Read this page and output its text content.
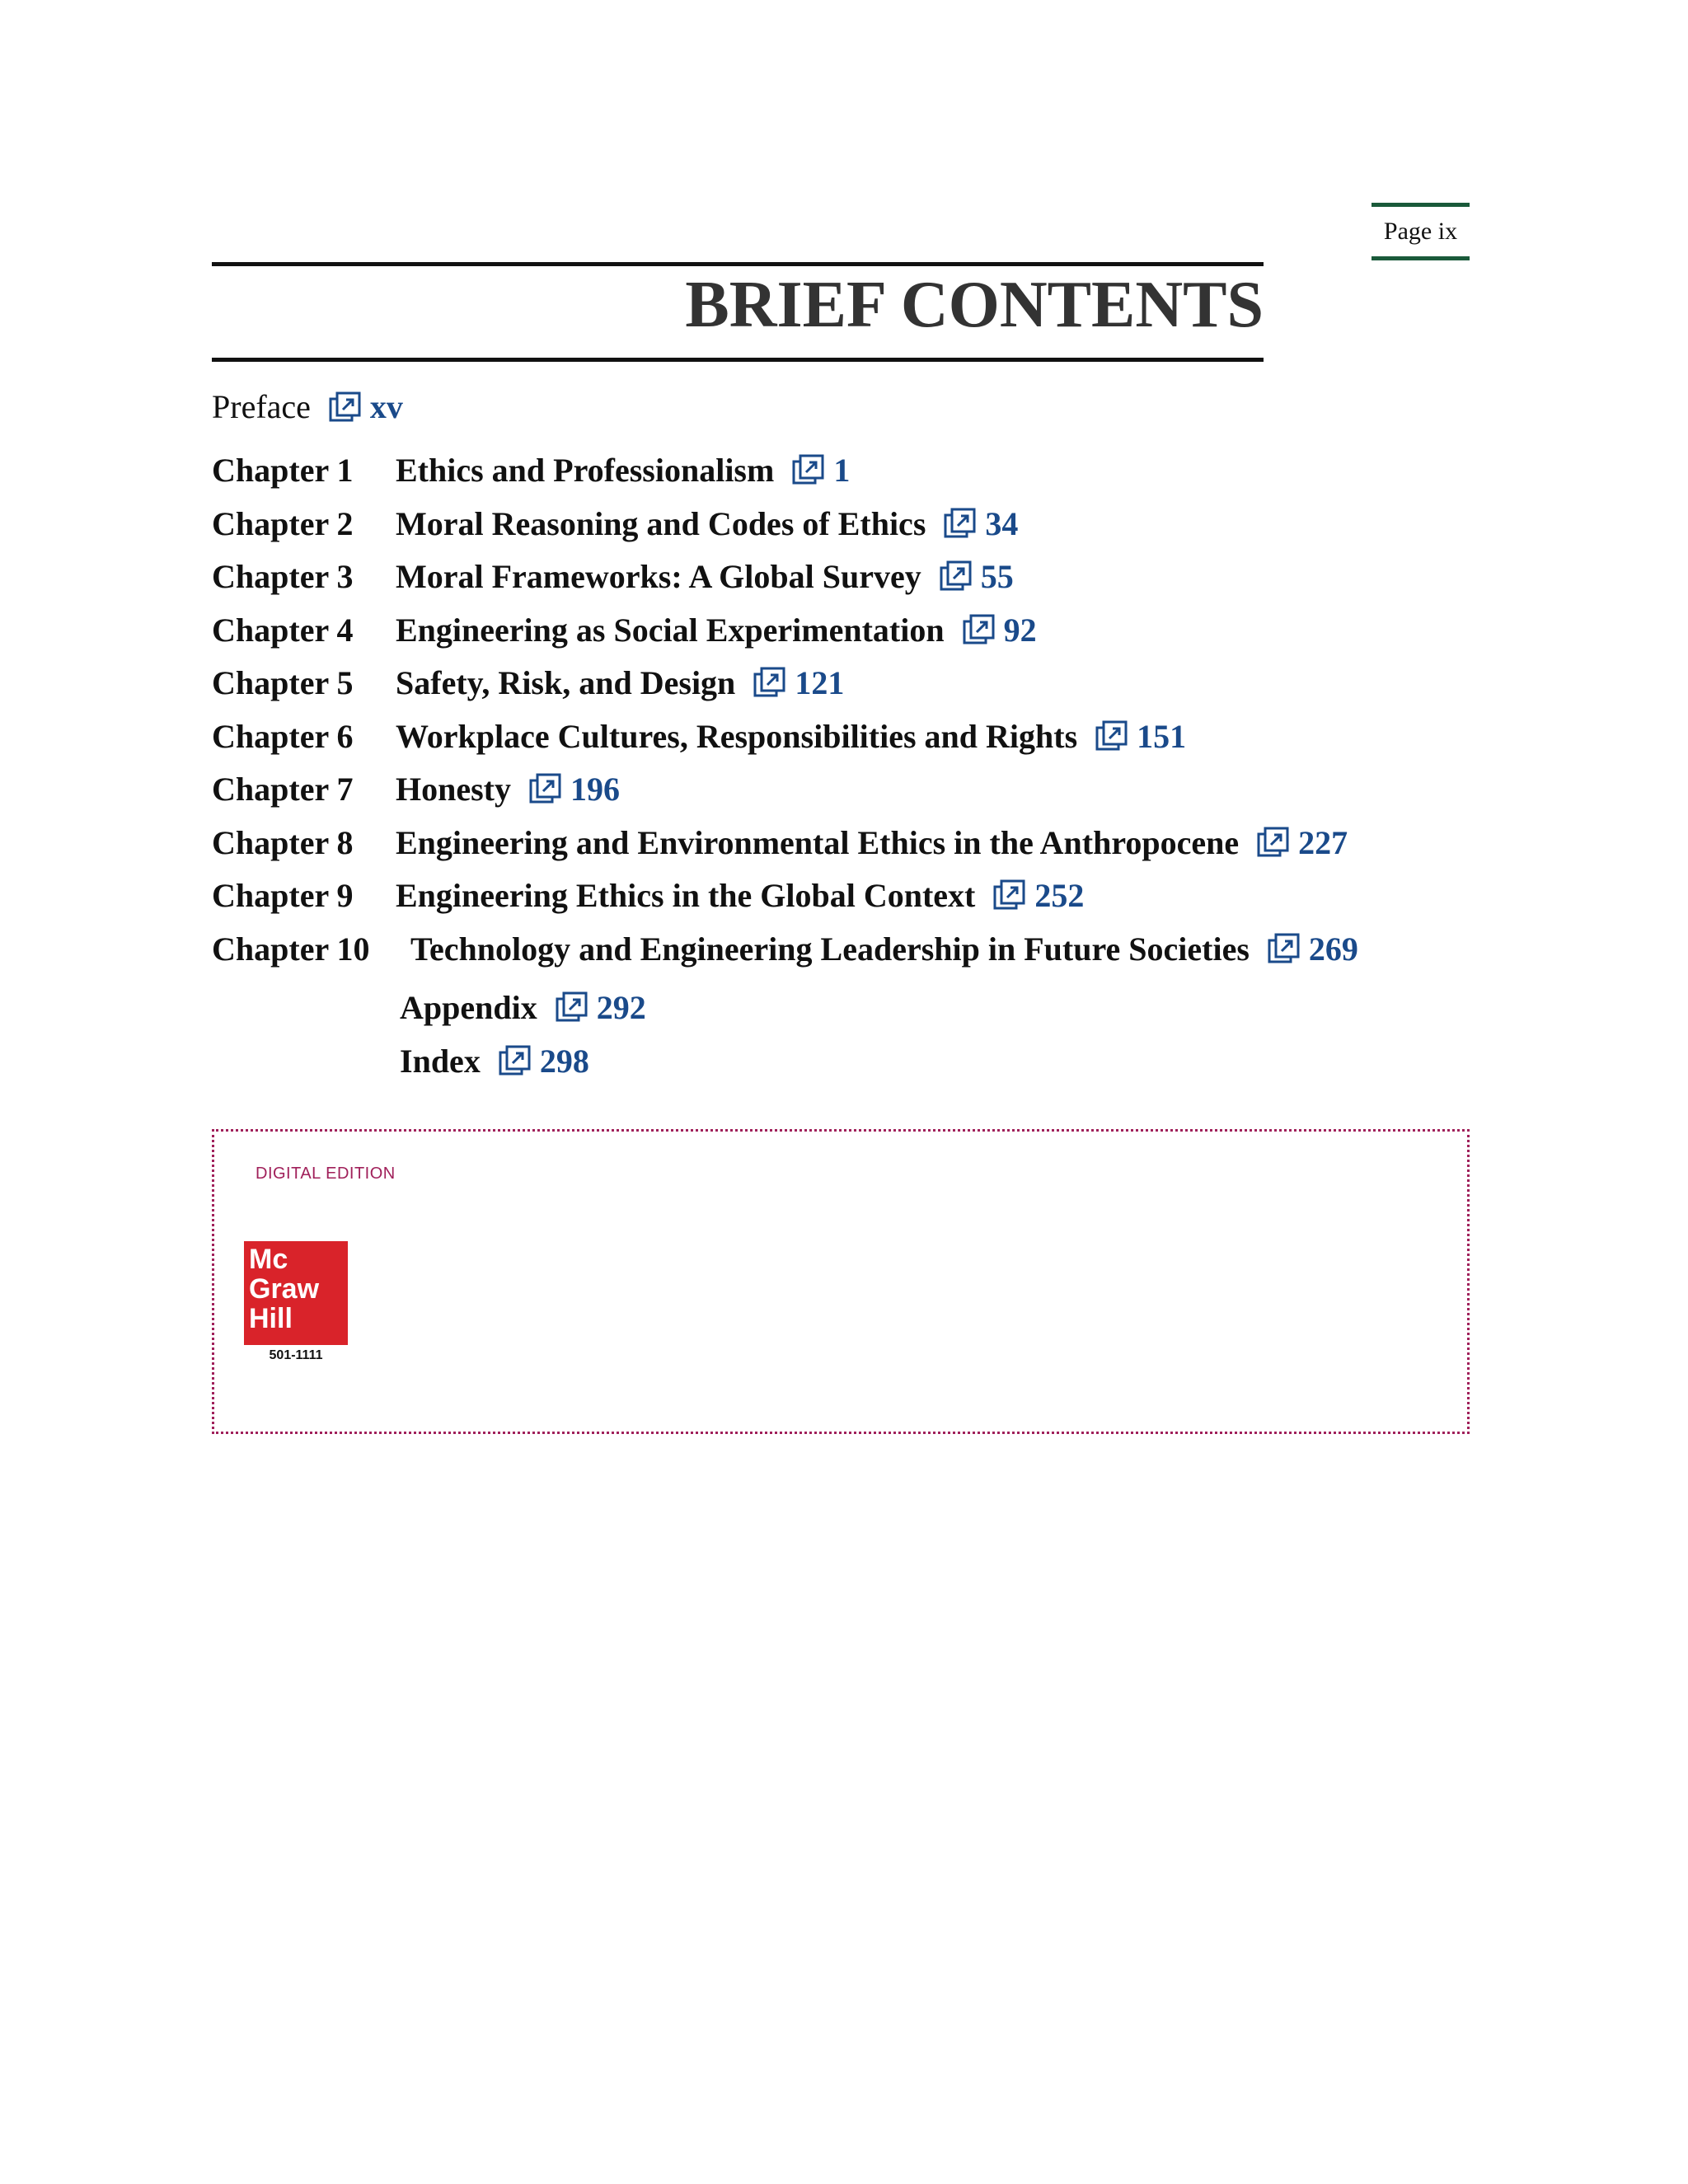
Page ix
BRIEF CONTENTS
Preface xv
Chapter 1	Ethics and Professionalism 1
Chapter 2	Moral Reasoning and Codes of Ethics 34
Chapter 3	Moral Frameworks: A Global Survey 55
Chapter 4	Engineering as Social Experimentation 92
Chapter 5	Safety, Risk, and Design 121
Chapter 6	Workplace Cultures, Responsibilities and Rights 151
Chapter 7	Honesty 196
Chapter 8	Engineering and Environmental Ethics in the Anthropocene 227
Chapter 9	Engineering Ethics in the Global Context 252
Chapter 10	Technology and Engineering Leadership in Future Societies 269
Appendix 292
Index 298
DIGITAL EDITION
Mc
Graw
Hill
501-1111
